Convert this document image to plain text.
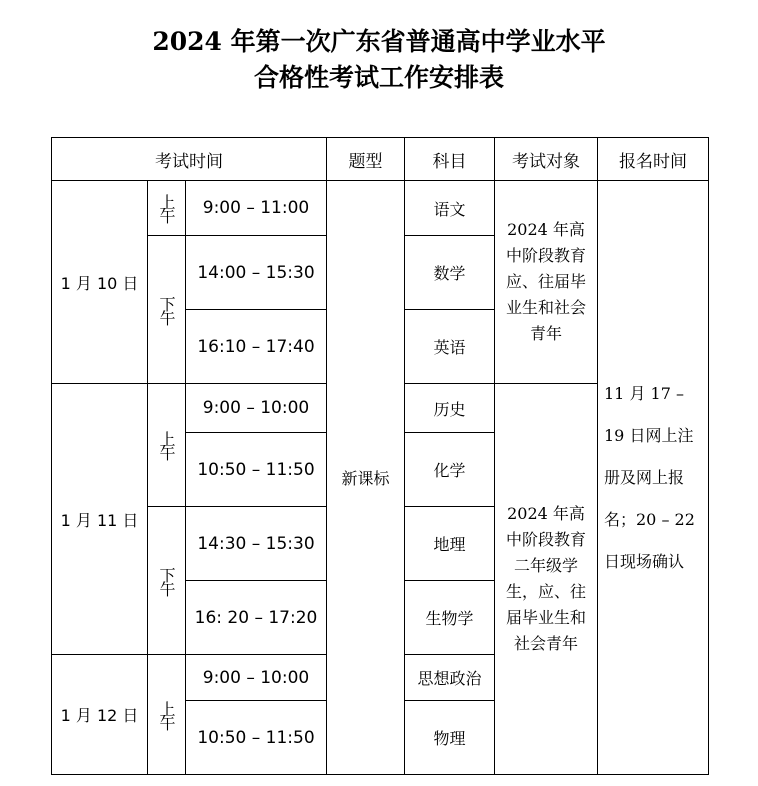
2024 年第一次广东省普通高中学业水平
合格性考试工作安排表
考试时间			题型	科目	考试对象	报名时间
1 月 10 日	上午	9:00 – 11:00	新课标	语文	2024 年高中阶段教育应、往届毕业生和社会青年	11 月 17 – 19 日网上注册及网上报名；20 – 22 日现场确认
	下午	14:00 – 15:30		数学		
		16:10 – 17:40		英语		
1 月 11 日	上午	9:00 – 10:00		历史	2024 年高中阶段教育二年级学生，应、往届毕业生和社会青年	
		10:50 – 11:50		化学		
	下午	14:30 – 15:30		地理		
		16: 20 – 17:20		生物学		
1 月 12 日	上午	9:00 – 10:00		思想政治		
		10:50 – 11:50		物理		
